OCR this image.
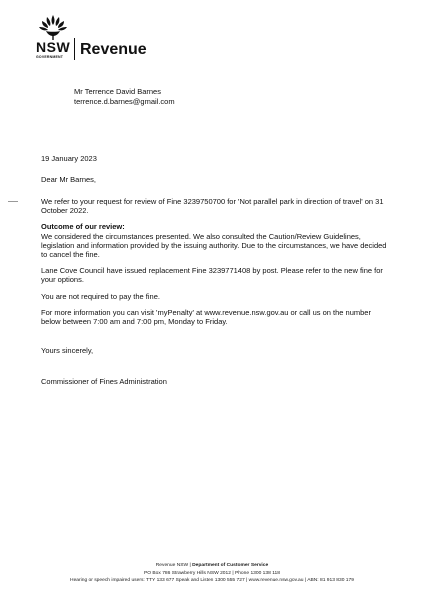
NSW
GOVERNMENT Revenue
Mr Terrence David Barnes
terrence.d.barnes@gmail.com
19 January 2023
Dear Mr Barnes,

We refer to your request for review of Fine 3239750700 for 'Not parallel park in direction of travel' on 31 October 2022.

Outcome of our review:

We considered the circumstances presented. We also consulted the Caution/Review Guidelines, legislation and information provided by the issuing authority. Due to the circumstances, we have decided to cancel the fine.

Lane Cove Council have issued replacement Fine 3239771408 by post. Please refer to the new fine for your options.

You are not required to pay the fine.

For more information you can visit 'myPenalty' at www.revenue.nsw.gov.au or call us on the number below between 7:00 am and 7:00 pm, Monday to Friday.

Yours sincerely,
Commissioner of Fines Administration
Revenue NSW | Department of Customer Service
PO Box 786 Strawberry Hills NSW 2012 | Phone 1300 138 118
Hearing or speech impaired users: TTY 133 677 Speak and Listen 1300 555 727 | www.revenue.nsw.gov.au | ABN: 81 913 830 179
